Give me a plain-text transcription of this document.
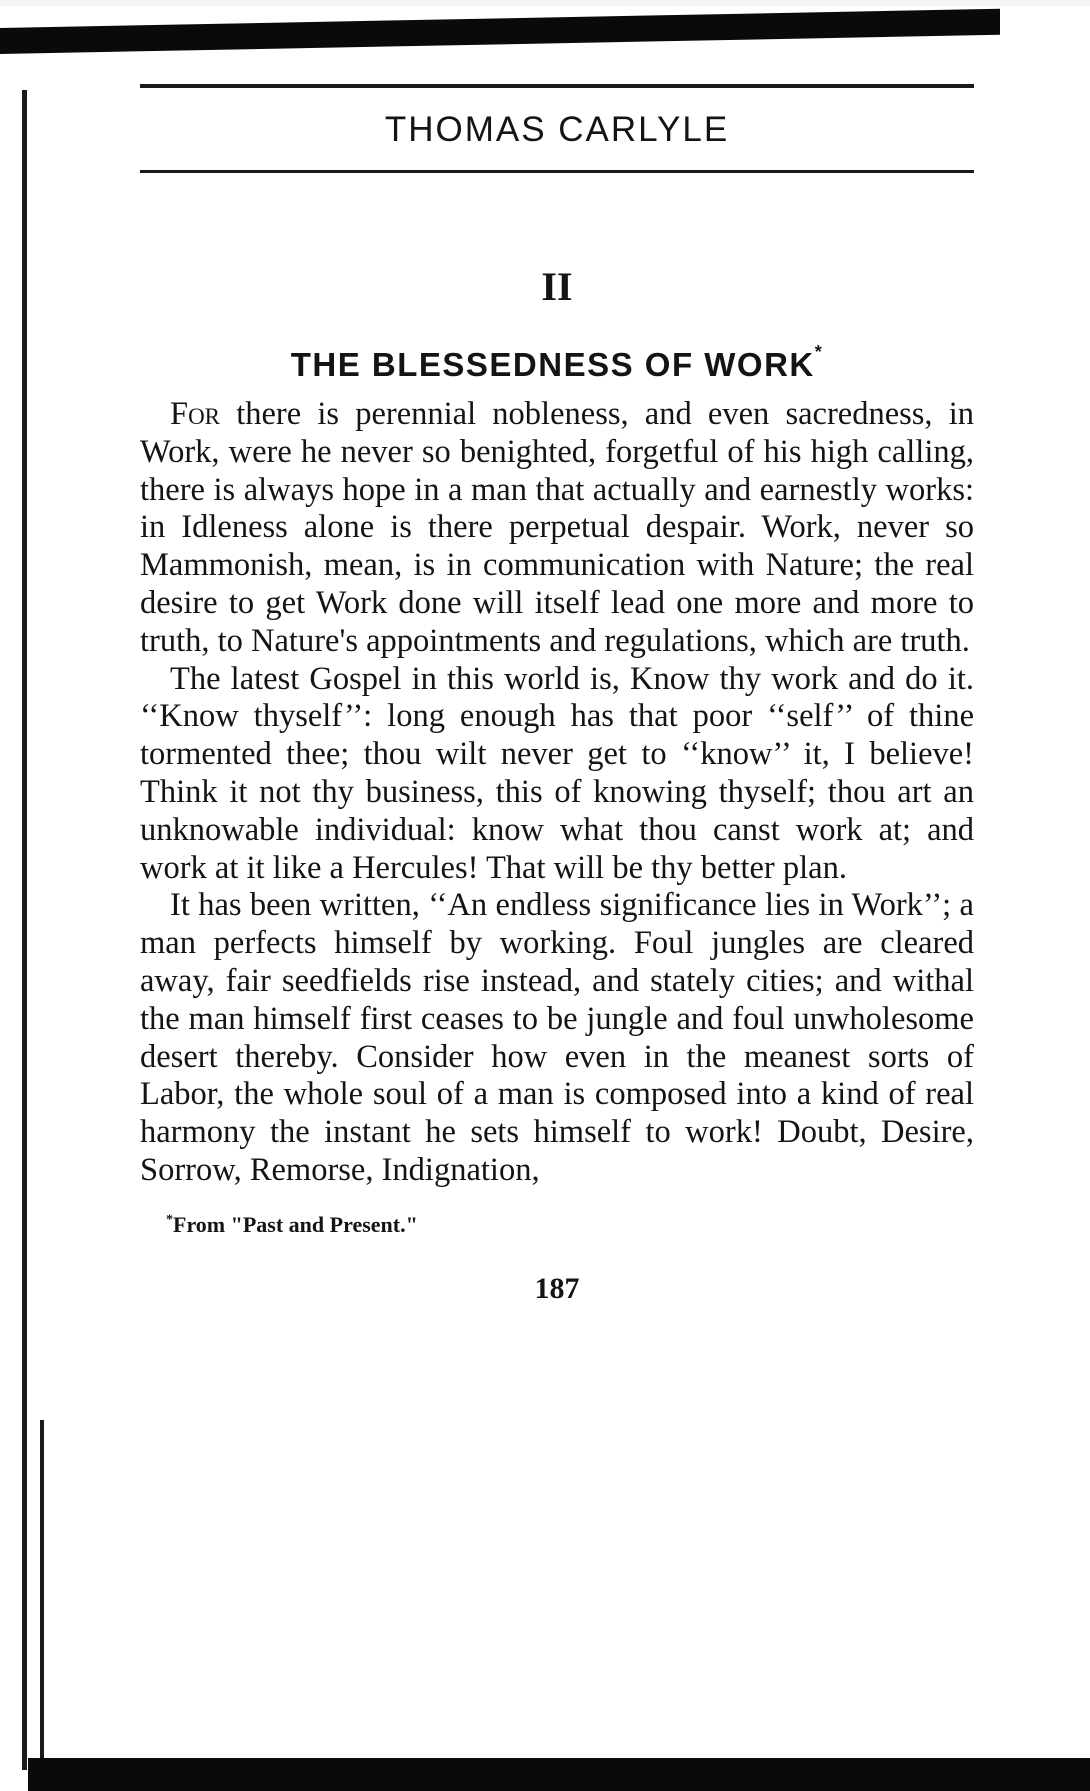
THOMAS CARLYLE
II
THE BLESSEDNESS OF WORK*

For there is perennial nobleness, and even sacredness, in Work, were he never so benighted, forgetful of his high calling, there is always hope in a man that actually and earnestly works: in Idleness alone is there perpetual despair. Work, never so Mammonish, mean, is in communication with Nature; the real desire to get Work done will itself lead one more and more to truth, to Nature's appointments and regulations, which are truth.

The latest Gospel in this world is, Know thy work and do it. ‘‘Know thyself’’: long enough has that poor ‘‘self’’ of thine tormented thee; thou wilt never get to ‘‘know’’ it, I believe! Think it not thy business, this of knowing thyself; thou art an unknowable individual: know what thou canst work at; and work at it like a Hercules! That will be thy better plan.

It has been written, ‘‘An endless significance lies in Work’’; a man perfects himself by working. Foul jungles are cleared away, fair seedfields rise instead, and stately cities; and withal the man himself first ceases to be jungle and foul unwholesome desert thereby. Consider how even in the meanest sorts of Labor, the whole soul of a man is composed into a kind of real harmony the instant he sets himself to work! Doubt, Desire, Sorrow, Remorse, Indignation,

*From "Past and Present."
187
